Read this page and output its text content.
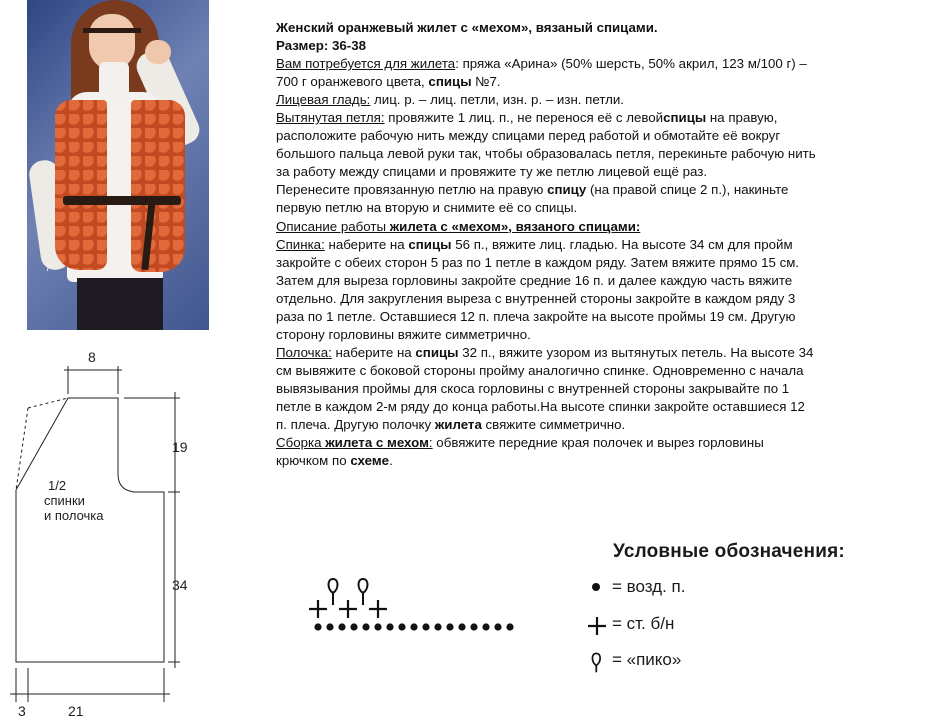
7

Женский оранжевый жилет с «мехом», вязаный спицами.

Размер: 36-38

Вам потребуется для жилета: пряжа «Арина» (50% шерсть, 50% акрил, 123 м/100 г) –

700 г оранжевого цвета, спицы №7.

Лицевая гладь: лиц. р. – лиц. петли, изн. р. – изн. петли.

Вытянутая петля: провяжите 1 лиц. п., не перенося её с левойспицы на правую,

расположите рабочую нить между спицами перед работой и обмотайте её вокруг

большого пальца левой руки так, чтобы образовалась петля, перекиньте рабочую нить

за работу между спицами и провяжите ту же петлю лицевой ещё раз.

Перенесите провязанную петлю на правую спицу (на правой спице 2 п.), накиньте

первую петлю на вторую и снимите её со спицы.

Описание работы жилета с «мехом», вязаного спицами:

Спинка: наберите на спицы 56 п., вяжите лиц. гладью. На высоте 34 см для пройм

закройте с обеих сторон 5 раз по 1 петле в каждом ряду. Затем вяжите прямо 15 см.

Затем для выреза горловины закройте средние 16 п. и далее каждую часть вяжите

отдельно. Для закругления выреза с внутренней стороны закройте в каждом ряду 3

раза по 1 петле. Оставшиеся 12 п. плеча закройте на высоте проймы 19 см. Другую

сторону горловины вяжите симметрично.

Полочка: наберите на спицы 32 п., вяжите узором из вытянутых петель. На высоте 34

см вывяжите с боковой стороны пройму аналогично спинке. Одновременно с начала

вывязывания проймы для скоса горловины с внутренней стороны закрывайте по 1

петле в каждом 2-м ряду до конца работы.На высоте спинки закройте оставшиеся 12

п. плеча. Другую полочку жилета свяжите симметрично.

Сборка жилета с мехом: обвяжите передние края полочек и вырез горловины

крючком по схеме.

8
19
34
3	21
1/2
спинки
и полочка
Условные обозначения:
= возд. п.
= ст. б/н
= «пико»
